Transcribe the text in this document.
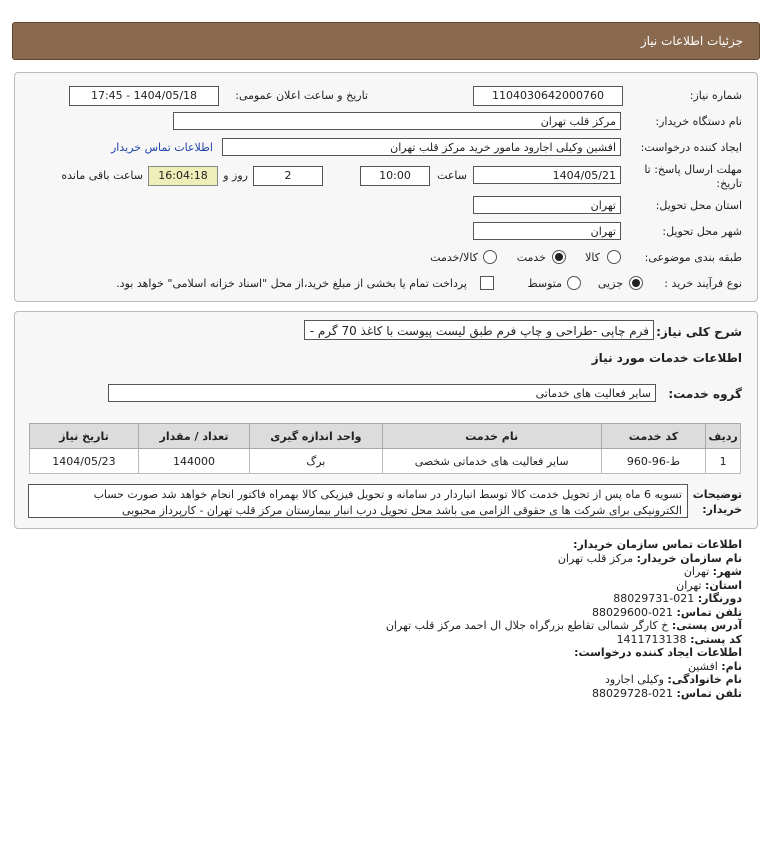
جزئیات اطلاعات نیاز
شماره نیاز:
1104030642000760
تاریخ و ساعت اعلان عمومی:
1404/05/18 - 17:45
نام دستگاه خریدار:
مرکز قلب تهران
ایجاد کننده درخواست:
افشین وکیلی اجارود مامور خرید مرکز قلب تهران
اطلاعات تماس خریدار
مهلت ارسال پاسخ: تا
تاریخ:
1404/05/21
ساعت
10:00
2
روز و
16:04:18
ساعت باقی مانده
استان محل تحویل:
تهران
شهر محل تحویل:
تهران
طبقه بندی موضوعی:
کالا
خدمت
کالا/خدمت
نوع فرآیند خرید :
جزیی
متوسط
پرداخت تمام یا بخشی از مبلغ خرید،از محل "اسناد خزانه اسلامی" خواهد بود.
شرح کلی نیاز:
فرم چاپی -طراحی و چاپ فرم طبق لیست پیوست با کاغذ 70 گرم -
اطلاعات خدمات مورد نیاز
گروه خدمت:
سایر فعالیت های خدماتی
ردیف	کد خدمت	نام خدمت	واحد اندازه گیری	تعداد / مقدار	تاریخ نیاز
1	ط-96-960	سایر فعالیت های خدماتی شخصی	برگ	144000	1404/05/23
توضیحات
خریدار:
تسویه 6 ماه پس از تحویل خدمت کالا توسط انباردار در سامانه و تحویل فیزیکی کالا بهمراه فاکتور انجام خواهد شد صورت حساب
الکترونیکی برای شرکت ها ی حقوقی الزامی می باشد محل تحویل درب انبار بیمارستان مرکز قلب تهران - کارپرداز محبوبی
اطلاعات تماس سازمان خریدار:
نام سازمان خریدار: مرکز قلب تهران
شهر: تهران
استان: تهران
دورنگار: 021-88029731
تلفن تماس: 021-88029600
آدرس پستی: خ کارگر شمالی تقاطع بزرگراه جلال ال احمد مرکز قلب تهران
کد پستی: 1411713138
اطلاعات ایجاد کننده درخواست:
نام: افشین
نام خانوادگی: وکیلی اجارود
تلفن تماس: 021-88029728
